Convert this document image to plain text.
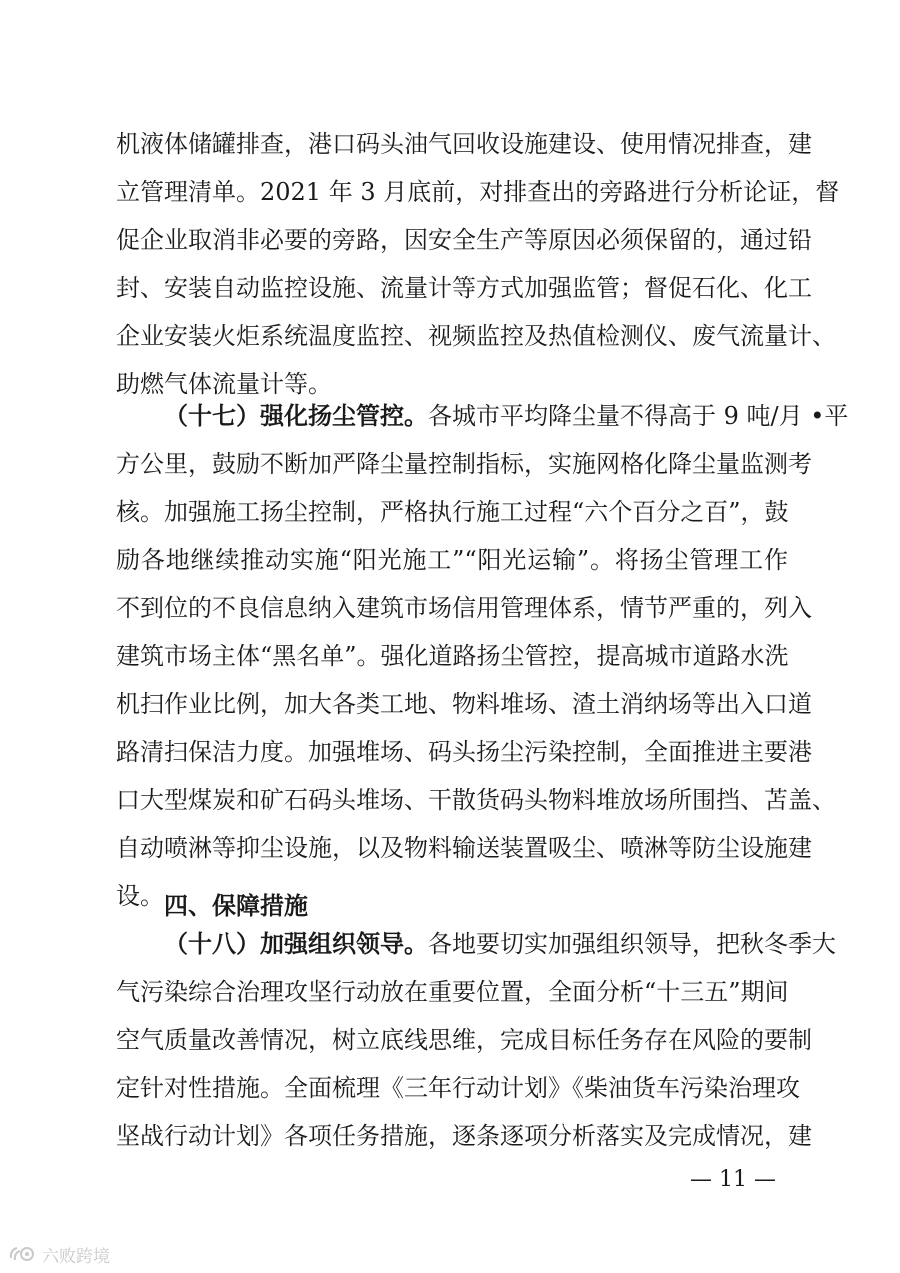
机液体储罐排查，港口码头油气回收设施建设、使用情况排查，建
立管理清单。2021 年 3 月底前，对排查出的旁路进行分析论证，督
促企业取消非必要的旁路，因安全生产等原因必须保留的，通过铅
封、安装自动监控设施、流量计等方式加强监管；督促石化、化工
企业安装火炬系统温度监控、视频监控及热值检测仪、废气流量计、
助燃气体流量计等。
（十七）强化扬尘管控。各城市平均降尘量不得高于 9 吨/月 •平
方公里，鼓励不断加严降尘量控制指标，实施网格化降尘量监测考
核。加强施工扬尘控制，严格执行施工过程“六个百分之百”，鼓
励各地继续推动实施“阳光施工”“阳光运输”。将扬尘管理工作
不到位的不良信息纳入建筑市场信用管理体系，情节严重的，列入
建筑市场主体“黑名单”。强化道路扬尘管控，提高城市道路水洗
机扫作业比例，加大各类工地、物料堆场、渣土消纳场等出入口道
路清扫保洁力度。加强堆场、码头扬尘污染控制，全面推进主要港
口大型煤炭和矿石码头堆场、干散货码头物料堆放场所围挡、苫盖、
自动喷淋等抑尘设施，以及物料输送装置吸尘、喷淋等防尘设施建
设。 四、保障措施
（十八）加强组织领导。各地要切实加强组织领导，把秋冬季大
气污染综合治理攻坚行动放在重要位置，全面分析“十三五”期间
空气质量改善情况，树立底线思维，完成目标任务存在风险的要制
定针对性措施。全面梳理《三年行动计划》《柴油货车污染治理攻
坚战行动计划》各项任务措施，逐条逐项分析落实及完成情况，建
— 11 —
六败跨境
